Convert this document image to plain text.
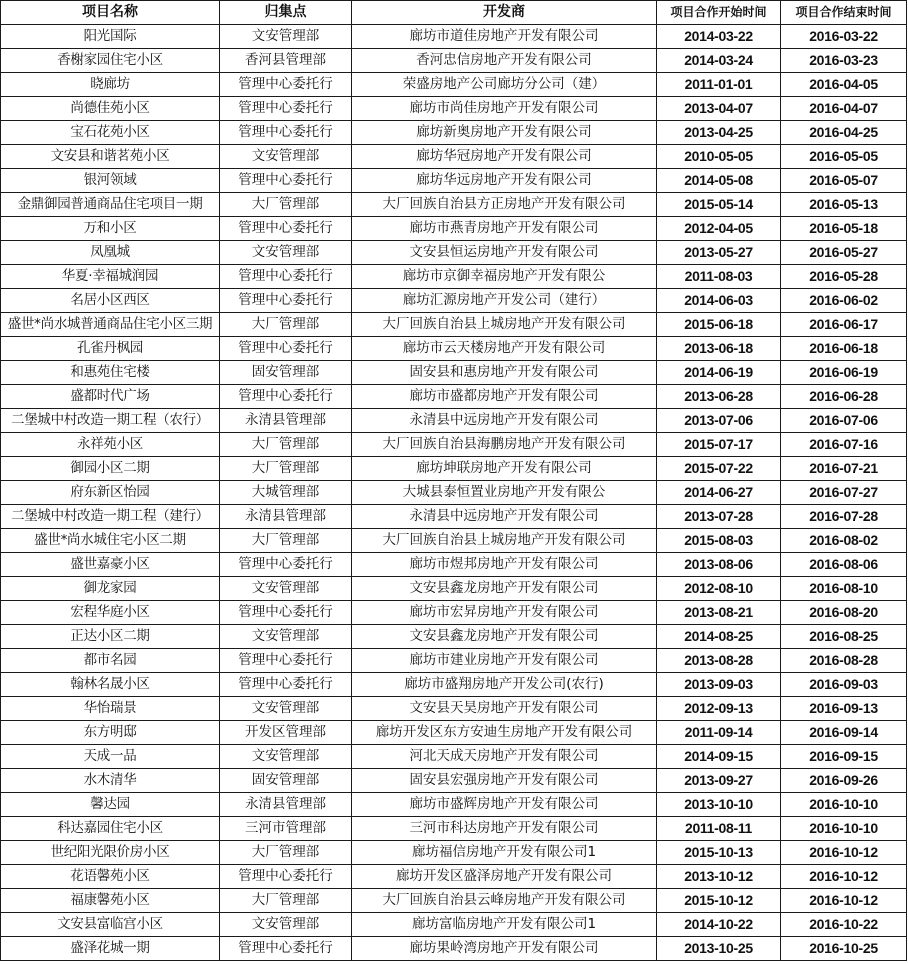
项目名称	归集点	开发商	项目合作开始时间	项目合作结束时间
阳光国际	文安管理部	廊坊市道佳房地产开发有限公司	2014-03-22	2016-03-22
香榭家园住宅小区	香河县管理部	香河忠信房地产开发有限公司	2014-03-24	2016-03-23
晓廊坊	管理中心委托行	荣盛房地产公司廊坊分公司（建）	2011-01-01	2016-04-05
尚德佳苑小区	管理中心委托行	廊坊市尚佳房地产开发有限公司	2013-04-07	2016-04-07
宝石花苑小区	管理中心委托行	廊坊新奥房地产开发有限公司	2013-04-25	2016-04-25
文安县和谐茗苑小区	文安管理部	廊坊华冠房地产开发有限公司	2010-05-05	2016-05-05
银河领域	管理中心委托行	廊坊华远房地产开发有限公司	2014-05-08	2016-05-07
金鼎御园普通商品住宅项目一期	大厂管理部	大厂回族自治县方正房地产开发有限公司	2015-05-14	2016-05-13
万和小区	管理中心委托行	廊坊市燕青房地产开发有限公司	2012-04-05	2016-05-18
凤凰城	文安管理部	文安县恒运房地产开发有限公司	2013-05-27	2016-05-27
华夏·幸福城润园	管理中心委托行	廊坊市京御幸福房地产开发有限公	2011-08-03	2016-05-28
名居小区西区	管理中心委托行	廊坊汇源房地产开发公司（建行）	2014-06-03	2016-06-02
盛世*尚水城普通商品住宅小区三期	大厂管理部	大厂回族自治县上城房地产开发有限公司	2015-06-18	2016-06-17
孔雀丹枫园	管理中心委托行	廊坊市云天楼房地产开发有限公司	2013-06-18	2016-06-18
和惠苑住宅楼	固安管理部	固安县和惠房地产开发有限公司	2014-06-19	2016-06-19
盛都时代广场	管理中心委托行	廊坊市盛都房地产开发有限公司	2013-06-28	2016-06-28
二堡城中村改造一期工程（农行）	永清县管理部	永清县中远房地产开发有限公司	2013-07-06	2016-07-06
永祥苑小区	大厂管理部	大厂回族自治县海鹏房地产开发有限公司	2015-07-17	2016-07-16
御园小区二期	大厂管理部	廊坊坤联房地产开发有限公司	2015-07-22	2016-07-21
府东新区怡园	大城管理部	大城县泰恒置业房地产开发有限公	2014-06-27	2016-07-27
二堡城中村改造一期工程（建行）	永清县管理部	永清县中远房地产开发有限公司	2013-07-28	2016-07-28
盛世*尚水城住宅小区二期	大厂管理部	大厂回族自治县上城房地产开发有限公司	2015-08-03	2016-08-02
盛世嘉豪小区	管理中心委托行	廊坊市煜邦房地产开发有限公司	2013-08-06	2016-08-06
御龙家园	文安管理部	文安县鑫龙房地产开发有限公司	2012-08-10	2016-08-10
宏程华庭小区	管理中心委托行	廊坊市宏昇房地产开发有限公司	2013-08-21	2016-08-20
正达小区二期	文安管理部	文安县鑫龙房地产开发有限公司	2014-08-25	2016-08-25
都市名园	管理中心委托行	廊坊市建业房地产开发有限公司	2013-08-28	2016-08-28
翰林名晟小区	管理中心委托行	廊坊市盛翔房地产开发公司(农行)	2013-09-03	2016-09-03
华怡瑞景	文安管理部	文安县天昊房地产开发有限公司	2012-09-13	2016-09-13
东方明邸	开发区管理部	廊坊开发区东方安迪生房地产开发有限公司	2011-09-14	2016-09-14
天成一品	文安管理部	河北天成天房地产开发有限公司	2014-09-15	2016-09-15
水木清华	固安管理部	固安县宏强房地产开发有限公司	2013-09-27	2016-09-26
馨达园	永清县管理部	廊坊市盛辉房地产开发有限公司	2013-10-10	2016-10-10
科达嘉园住宅小区	三河市管理部	三河市科达房地产开发有限公司	2011-08-11	2016-10-10
世纪阳光限价房小区	大厂管理部	廊坊福信房地产开发有限公司1	2015-10-13	2016-10-12
花语馨苑小区	管理中心委托行	廊坊开发区盛泽房地产开发有限公司	2013-10-12	2016-10-12
福康馨苑小区	大厂管理部	大厂回族自治县云峰房地产开发有限公司	2015-10-12	2016-10-12
文安县富临宫小区	文安管理部	廊坊富临房地产开发有限公司1	2014-10-22	2016-10-22
盛泽花城一期	管理中心委托行	廊坊果岭湾房地产开发有限公司	2013-10-25	2016-10-25
